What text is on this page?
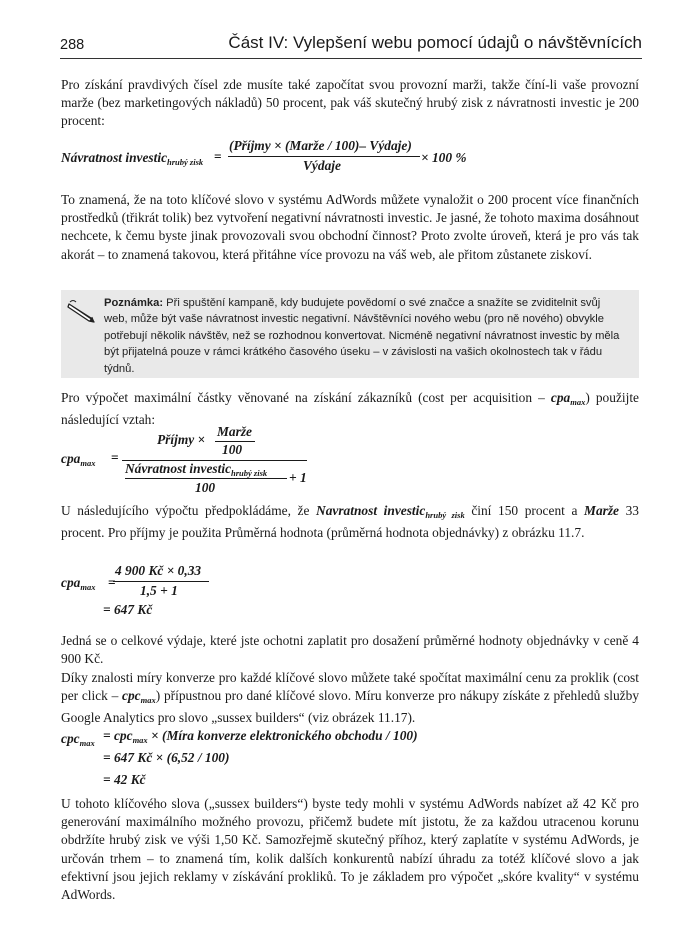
288	Část IV: Vylepšení webu pomocí údajů o návštěvnících

Pro získání pravdivých čísel zde musíte také započítat svou provozní marži, takže číní-li vaše provozní marže (bez marketingových nákladů) 50 procent, pak váš skutečný hrubý zisk z návratnosti investic je 200 procent:

Návratnost investic$_{hrubý zisk}$ =
(Příjmy × (Marže / 100)– Výdaje)
Výdaje
× 100 %

To znamená, že na toto klíčové slovo v systému AdWords můžete vynaložit o 200 procent více finančních prostředků (třikrát tolik) bez vytvoření negativní návratnosti investic. Je jasné, že tohoto maxima dosáhnout nechcete, k čemu byste jinak provozovali svou obchodní činnost? Proto zvolte úroveň, která je pro vás tak akorát – to znamená takovou, která přitáhne více provozu na váš web, ale přitom zůstanete ziskoví.

Poznámka: Při spuštění kampaně, kdy budujete povědomí o své značce a snažíte se zviditelnit svůj web, může být vaše návratnost investic negativní. Návštěvníci nového webu (pro ně nového) obvykle potřebují několik návštěv, než se rozhodnou konvertovat. Nicméně negativní návratnost investic by měla být přijatelná pouze v rámci krátkého časového úseku – v závislosti na vašich okolnostech tak v řádu týdnů.

Pro výpočet maximální částky věnované na získání zákazníků (cost per acquisition – cpa$_{max}$) použijte následující vztah:

cpa$_{max}$ =
Příjmy ×
Marže
100
Návratnost investic$_{hrubý zisk}$ + 1
100

U následujícího výpočtu předpokládáme, že Navratnost investic$_{hrubý zisk}$ činí 150 procent a Marže 33 procent. Pro příjmy je použita Průměrná hodnota (průměrná hodnota objednávky) z obrázku 11.7.

cpa$_{max}$ =
4 900 Kč × 0,33
1,5 + 1
= 647 Kč

Jedná se o celkové výdaje, které jste ochotni zaplatit pro dosažení průměrné hodnoty objednávky v ceně 4 900 Kč.

Díky znalosti míry konverze pro každé klíčové slovo můžete také spočítat maximální cenu za proklik (cost per click – cpc$_{max}$) přípustnou pro dané klíčové slovo. Míru konverze pro nákupy získáte z přehledů služby Google Analytics pro slovo „sussex builders“ (viz obrázek 11.17).

cpc$_{max}$ = cpc$_{max}$ × (Míra konverze elektronického obchodu / 100)
= 647 Kč × (6,52 / 100)
= 42 Kč

U tohoto klíčového slova („sussex builders“) byste tedy mohli v systému AdWords nabízet až 42 Kč pro generování maximálního možného provozu, přičemž budete mít jistotu, že za každou utracenou korunu obdržíte hrubý zisk ve výši 1,50 Kč. Samozřejmě skutečný příhoz, který zaplatíte v systému AdWords, je určován trhem – to znamená tím, kolik dalších konkurentů nabízí úhradu za totéž klíčové slovo a jak efektivní jsou jejich reklamy v získávání prokliků. To je základem pro výpočet „skóre kvality“ v systému AdWords.
